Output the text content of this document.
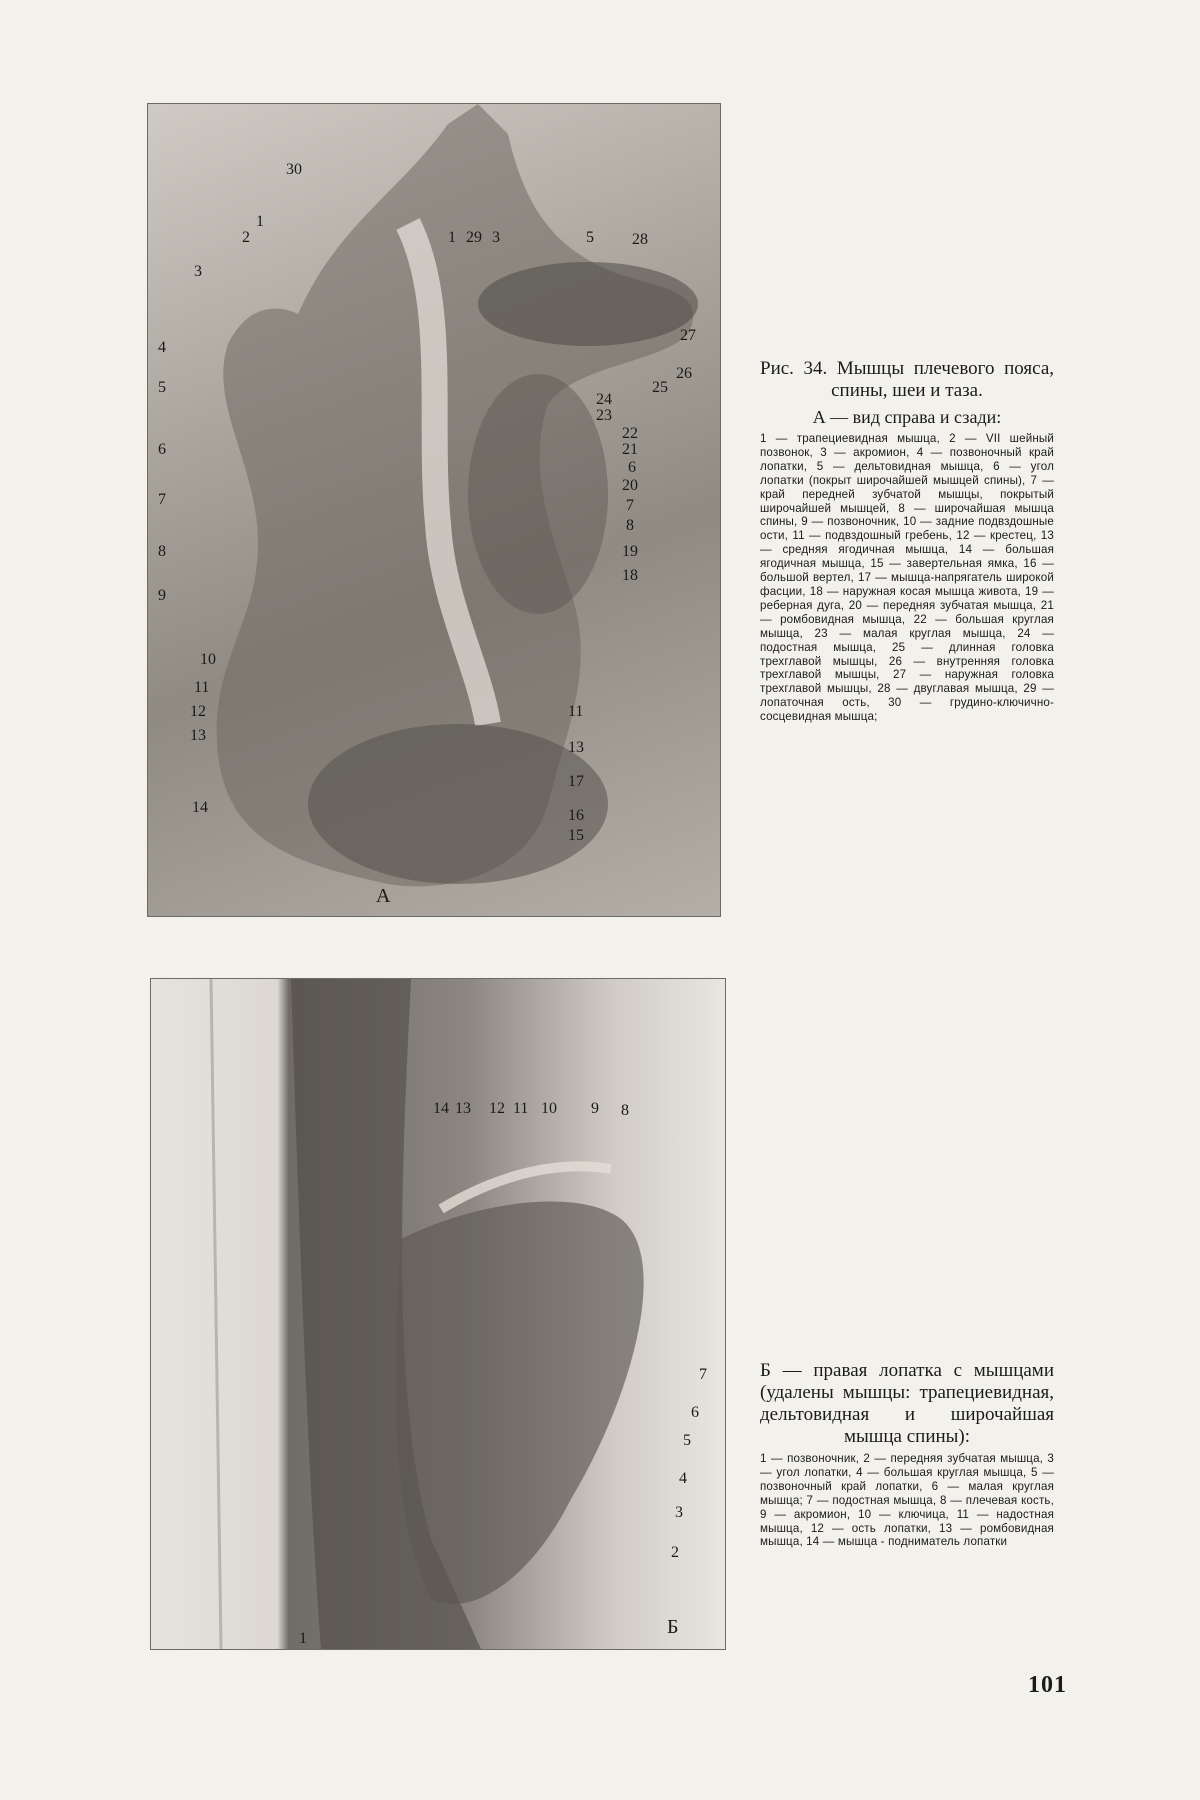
30
1
2
3
4
5
6
7
8
9
10
11
12
13
14
1 29 3	5 28
27
26
25
24
23
22
21
6
20
7
8
19
18
11
13
17
16
15
А

Рис. 34. Мышцы плечевого пояса, спины, шеи и таза.

А — вид справа и сзади:

1 — трапециевидная мышца, 2 — VII шейный позвонок, 3 — акромион, 4 — позвоночный край лопатки, 5 — дельтовидная мышца, 6 — угол лопатки (покрыт широчайшей мышцей спины), 7 — край передней зубчатой мышцы, покрытый широчайшей мышцей, 8 — широчайшая мышца спины, 9 — позвоночник, 10 — задние подвздошные ости, 11 — подвздошный гребень, 12 — крестец, 13 — средняя ягодичная мышца, 14 — большая ягодичная мышца, 15 — завертельная ямка, 16 — большой вертел, 17 — мышца-напрягатель широкой фасции, 18 — наружная косая мышца живота, 19 — реберная дуга, 20 — передняя зубчатая мышца, 21 — ромбовидная мышца, 22 — большая круглая мышца, 23 — малая круглая мышца, 24 — подостная мышца, 25 — длинная головка трехглавой мышцы, 26 — внутренняя головка трехглавой мышцы, 27 — наружная головка трехглавой мышцы, 28 — двуглавая мышца, 29 — лопаточная ость, 30 — грудино-ключично-сосцевидная мышца;

14 13 12 11 10 9 8
7
6
5
4
3
2
1
Б

Б — правая лопатка с мышцами (удалены мышцы: трапециевидная, дельтовидная и широчайшая мышца спины):

1 — позвоночник, 2 — передняя зубчатая мышца, 3 — угол лопатки, 4 — большая круглая мышца, 5 — позвоночный край лопатки, 6 — малая круглая мышца; 7 — подостная мышца, 8 — плечевая кость, 9 — акромион, 10 — ключица, 11 — надостная мышца, 12 — ость лопатки, 13 — ромбовидная мышца, 14 — мышца - подниматель лопатки

101
